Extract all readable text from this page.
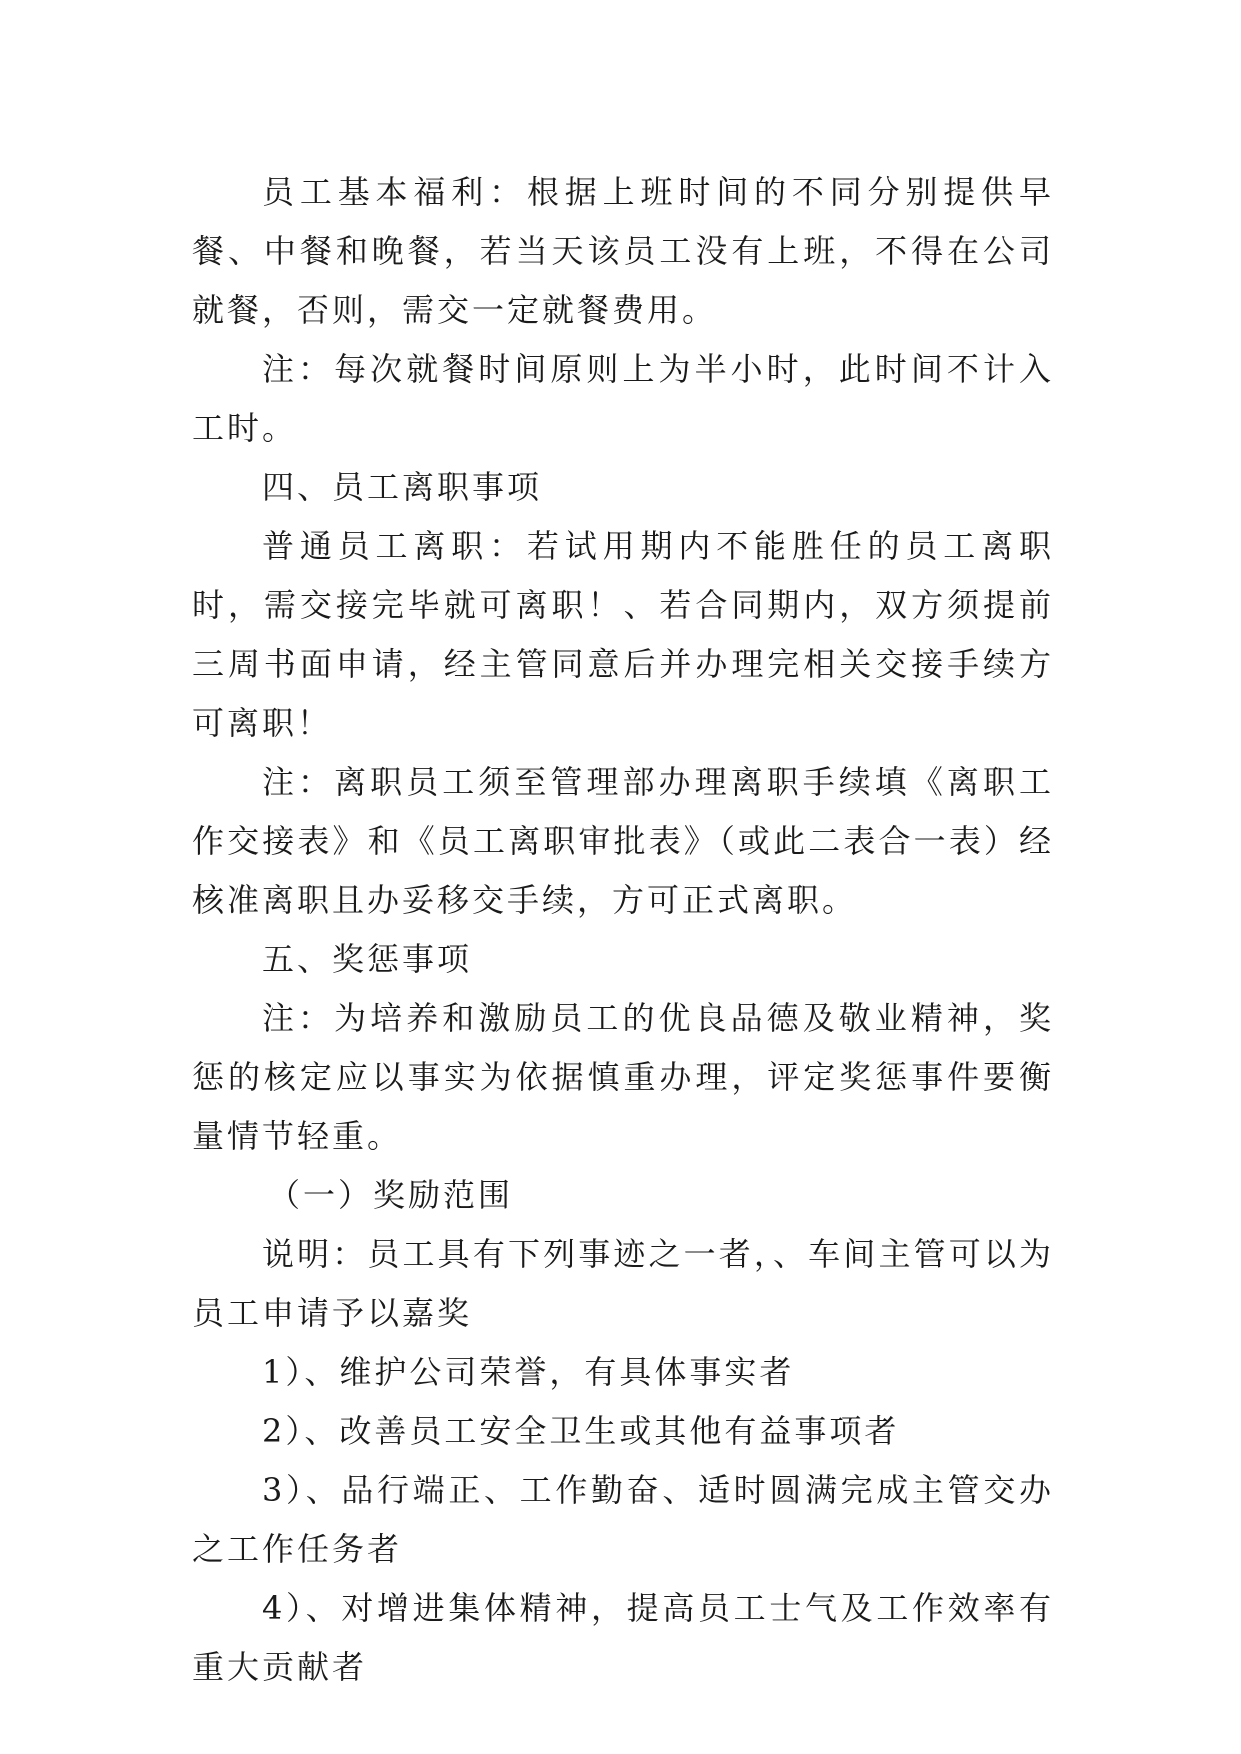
员工基本福利：根据上班时间的不同分别提供早餐、中餐和晚餐，若当天该员工没有上班，不得在公司就餐，否则，需交一定就餐费用。

注：每次就餐时间原则上为半小时，此时间不计入工时。

四、员工离职事项

普通员工离职：若试用期内不能胜任的员工离职时，需交接完毕就可离职！、若合同期内，双方须提前三周书面申请，经主管同意后并办理完相关交接手续方可离职！

注：离职员工须至管理部办理离职手续填《离职工作交接表》和《员工离职审批表》（或此二表合一表）经核准离职且办妥移交手续，方可正式离职。

五、奖惩事项

注：为培养和激励员工的优良品德及敬业精神，奖惩的核定应以事实为依据慎重办理，评定奖惩事件要衡量情节轻重。

（一）奖励范围

说明：员工具有下列事迹之一者，、车间主管可以为员工申请予以嘉奖

1）、维护公司荣誉，有具体事实者

2）、改善员工安全卫生或其他有益事项者

3）、品行端正、工作勤奋、适时圆满完成主管交办之工作任务者

4）、对增进集体精神，提高员工士气及工作效率有重大贡献者
